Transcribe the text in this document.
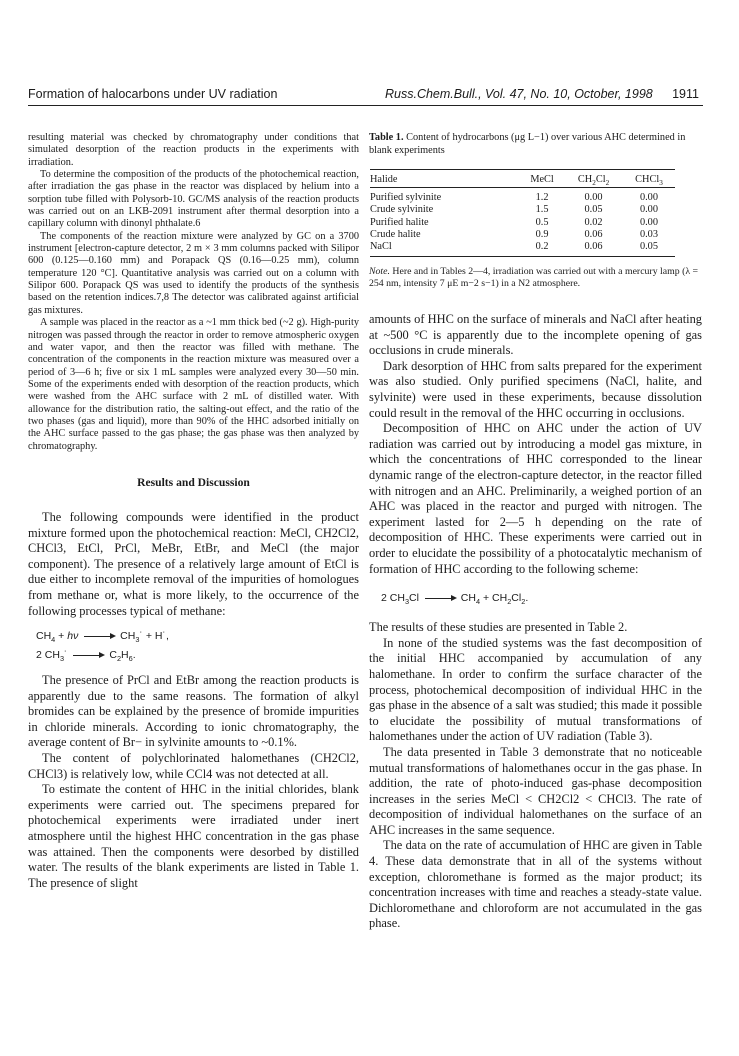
Formation of halocarbons under UV radiation	Russ.Chem.Bull., Vol. 47, No. 10, October, 1998 1911

resulting material was checked by chromatography under conditions that simulated desorption of the reaction products in the experiments with irradiation.

To determine the composition of the products of the photochemical reaction, after irradiation the gas phase in the reactor was displaced by helium into a sorption tube filled with Polysorb-10. GC/MS analysis of the reaction products was carried out on an LKB-2091 instrument after thermal desorption into a capillary column with dinonyl phthalate.6

The components of the reaction mixture were analyzed by GC on a 3700 instrument [electron-capture detector, 2 m × 3 mm columns packed with Silipor 600 (0.125—0.160 mm) and Porapack QS (0.16—0.25 mm), column temperature 120 °C]. Quantitative analysis was carried out on a column with Silipor 600. Porapack QS was used to identify the products of the synthesis based on the retention indices.7,8 The detector was calibrated against artificial gas mixtures.

A sample was placed in the reactor as a ~1 mm thick bed (~2 g). High-purity nitrogen was passed through the reactor in order to remove atmospheric oxygen and water vapor, and then the reactor was filled with methane. The concentration of the components in the reaction mixture was measured over a period of 3—6 h; five or six 1 mL samples were analyzed every 30—50 min. Some of the experiments ended with desorption of the reaction products, which were washed from the AHC surface with 2 mL of distilled water. With allowance for the distribution ratio, the salting-out effect, and the ratio of the two phases (gas and liquid), more than 90% of the HHC adsorbed initially on the AHC surface passed to the gas phase; the gas phase was then analyzed by chromatography.

Results and Discussion

The following compounds were identified in the product mixture formed upon the photochemical reaction: MeCl, CH2Cl2, CHCl3, EtCl, PrCl, MeBr, EtBr, and MeCl (the major component). The presence of a relatively large amount of EtCl is due either to incomplete removal of the impurities of homologues from methane or, what is more likely, to the occurrence of the following processes typical of methane:

$CH_4 + h\nu$	$CH_3˙$ + H˙,
2 $CH_3˙$	$C_2H_6$.

The presence of PrCl and EtBr among the reaction products is apparently due to the same reasons. The formation of alkyl bromides can be explained by the presence of bromide impurities in chloride minerals. According to ionic chromatography, the average content of Br− in sylvinite amounts to ~0.1%.

The content of polychlorinated halomethanes (CH2Cl2, CHCl3) is relatively low, while CCl4 was not detected at all.

To estimate the content of HHC in the initial chlorides, blank experiments were carried out. The specimens prepared for photochemical experiments were irradiated under inert atmosphere until the highest HHC concentration in the gas phase was attained. Then the components were desorbed by distilled water. The results of the blank experiments are listed in Table 1. The presence of slight

Table 1. Content of hydrocarbons (μg L−1) over various AHC determined in blank experiments
Halide	MeCl	$CH_2Cl_2$	CHCl$_3$
Purified sylvinite	1.2	0.00	0.00
Crude sylvinite	1.5	0.05	0.00
Purified halite	0.5	0.02	0.00
Crude halite	0.9	0.06	0.03
NaCl	0.2	0.06	0.05
Note. Here and in Tables 2—4, irradiation was carried out with a mercury lamp (λ = 254 nm, intensity 7 μE m−2 s−1) in a N2 atmosphere.

amounts of HHC on the surface of minerals and NaCl after heating at ~500 °C is apparently due to the incomplete opening of gas occlusions in crude minerals.

Dark desorption of HHC from salts prepared for the experiment was also studied. Only purified specimens (NaCl, halite, and sylvinite) were used in these experiments, because dissolution could result in the removal of the HHC occurring in occlusions.

Decomposition of HHC on AHC under the action of UV radiation was carried out by introducing a model gas mixture, in which the concentrations of HHC corresponded to the linear dynamic range of the electron-capture detector, in the reactor filled with nitrogen and an AHC. Preliminarily, a weighed portion of an AHC was placed in the reactor and purged with nitrogen. The experiment lasted for 2—5 h depending on the rate of decomposition of HHC. These experiments were carried out in order to elucidate the possibility of a photocatalytic mechanism of formation of HHC according to the following scheme:

2 $CH_3Cl$	$CH_4 + CH_2Cl_2$.

The results of these studies are presented in Table 2.

In none of the studied systems was the fast decomposition of the initial HHC accompanied by accumulation of any halomethane. In order to confirm the surface character of the process, photochemical decomposition of individual HHC in the gas phase in the absence of a salt was studied; this made it possible to elucidate the possibility of mutual transformations of halomethanes under the action of UV radiation (Table 3).

The data presented in Table 3 demonstrate that no noticeable mutual transformations of halomethanes occur in the gas phase. In addition, the rate of photo-induced gas-phase decomposition increases in the series MeCl < CH2Cl2 < CHCl3. The rate of decomposition of individual halomethanes on the surface of an AHC increases in the same sequence.

The data on the rate of accumulation of HHC are given in Table 4. These data demonstrate that in all of the systems without exception, chloromethane is formed as the major product; its concentration increases with time and reaches a steady-state value. Dichloromethane and chloroform are not accumulated in the gas phase.
